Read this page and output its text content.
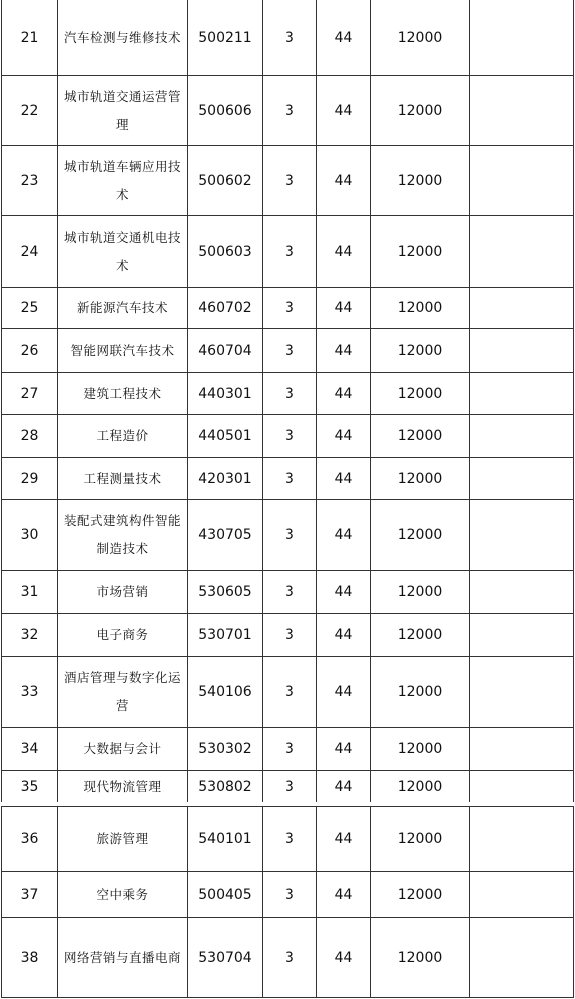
21	汽车检测与维修技术	500211	3	44	12000	
22	城市轨道交通运营管理	500606	3	44	12000	
23	城市轨道车辆应用技术	500602	3	44	12000	
24	城市轨道交通机电技术	500603	3	44	12000	
25	新能源汽车技术	460702	3	44	12000	
26	智能网联汽车技术	460704	3	44	12000	
27	建筑工程技术	440301	3	44	12000	
28	工程造价	440501	3	44	12000	
29	工程测量技术	420301	3	44	12000	
30	装配式建筑构件智能制造技术	430705	3	44	12000	
31	市场营销	530605	3	44	12000	
32	电子商务	530701	3	44	12000	
33	酒店管理与数字化运营	540106	3	44	12000	
34	大数据与会计	530302	3	44	12000	
35	现代物流管理	530802	3	44	12000	
36	旅游管理	540101	3	44	12000	
37	空中乘务	500405	3	44	12000	
38	网络营销与直播电商	530704	3	44	12000	
